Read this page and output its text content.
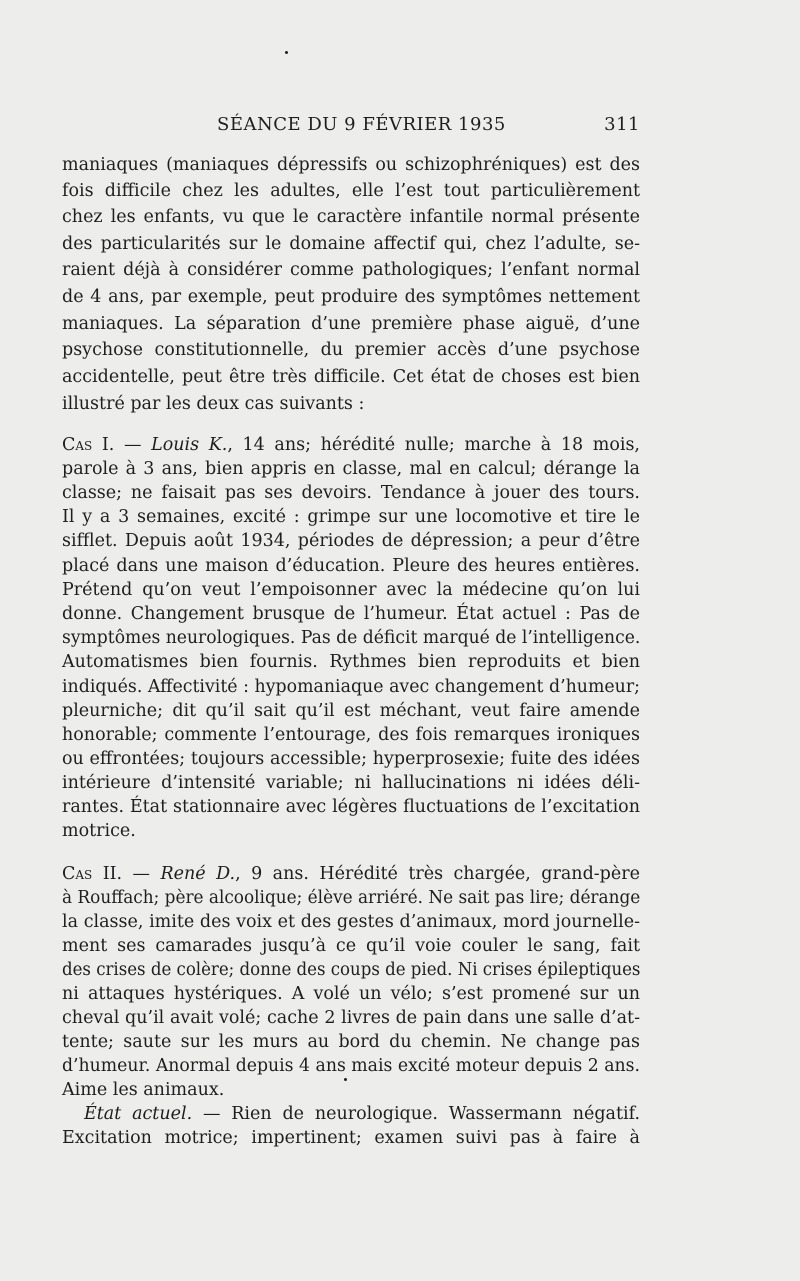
SÉANCE DU 9 FÉVRIER 1935	311
maniaques (maniaques dépressifs ou schizophréniques) est des
fois difficile chez les adultes, elle l’est tout particulièrement
chez les enfants, vu que le caractère infantile normal présente
des particularités sur le domaine affectif qui, chez l’adulte, se-
raient déjà à considérer comme pathologiques; l’enfant normal
de 4 ans, par exemple, peut produire des symptômes nettement
maniaques. La séparation d’une première phase aiguë, d’une
psychose constitutionnelle, du premier accès d’une psychose
accidentelle, peut être très difficile. Cet état de choses est bien
illustré par les deux cas suivants :
Cas I. — Louis K., 14 ans; hérédité nulle; marche à 18 mois,
parole à 3 ans, bien appris en classe, mal en calcul; dérange la
classe; ne faisait pas ses devoirs. Tendance à jouer des tours.
Il y a 3 semaines, excité : grimpe sur une locomotive et tire le
sifflet. Depuis août 1934, périodes de dépression; a peur d’être
placé dans une maison d’éducation. Pleure des heures entières.
Prétend qu’on veut l’empoisonner avec la médecine qu’on lui
donne. Changement brusque de l’humeur. État actuel : Pas de
symptômes neurologiques. Pas de déficit marqué de l’intelligence.
Automatismes bien fournis. Rythmes bien reproduits et bien
indiqués. Affectivité : hypomaniaque avec changement d’humeur;
pleurniche; dit qu’il sait qu’il est méchant, veut faire amende
honorable; commente l’entourage, des fois remarques ironiques
ou effrontées; toujours accessible; hyperprosexie; fuite des idées
intérieure d’intensité variable; ni hallucinations ni idées déli-
rantes. État stationnaire avec légères fluctuations de l’excitation
motrice.
Cas II. — René D., 9 ans. Hérédité très chargée, grand-père
à Rouffach; père alcoolique; élève arriéré. Ne sait pas lire; dérange
la classe, imite des voix et des gestes d’animaux, mord journelle-
ment ses camarades jusqu’à ce qu’il voie couler le sang, fait
des crises de colère; donne des coups de pied. Ni crises épileptiques
ni attaques hystériques. A volé un vélo; s’est promené sur un
cheval qu’il avait volé; cache 2 livres de pain dans une salle d’at-
tente; saute sur les murs au bord du chemin. Ne change pas
d’humeur. Anormal depuis 4 ans mais excité moteur depuis 2 ans.
Aime les animaux.
État actuel. — Rien de neurologique. Wassermann négatif.
Excitation motrice; impertinent; examen suivi pas à faire à
